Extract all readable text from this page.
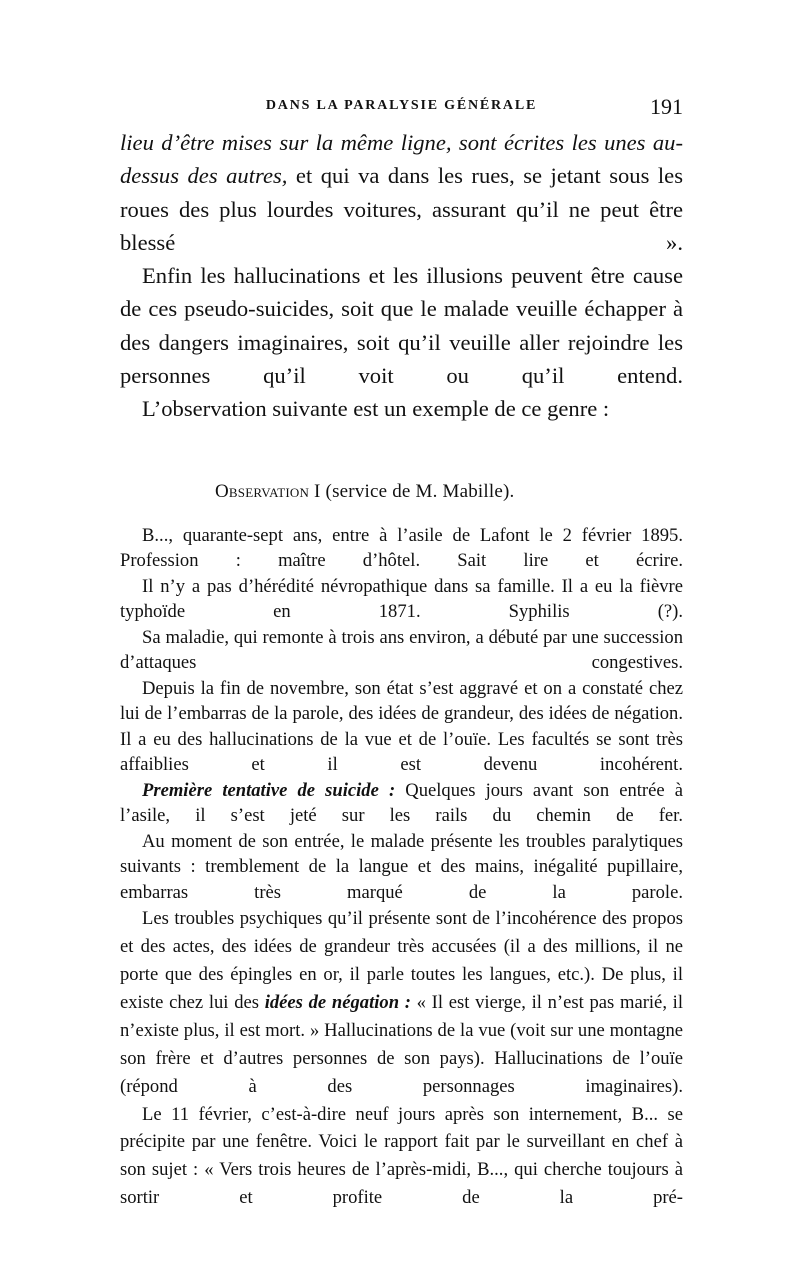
DANS LA PARALYSIE GÉNÉRALE	191

lieu d’être mises sur la même ligne, sont écrites les unes au-dessus des autres, et qui va dans les rues, se jetant sous les roues des plus lourdes voitures, assurant qu’il ne peut être blessé ».

Enfin les hallucinations et les illusions peuvent être cause de ces pseudo-suicides, soit que le malade veuille échapper à des dangers imaginaires, soit qu’il veuille aller rejoindre les personnes qu’il voit ou qu’il entend.

L’observation suivante est un exemple de ce genre :

Observation I (service de M. Mabille).

B..., quarante-sept ans, entre à l’asile de Lafont le 2 février 1895. Profession : maître d’hôtel. Sait lire et écrire.

Il n’y a pas d’hérédité névropathique dans sa famille. Il a eu la fièvre typhoïde en 1871. Syphilis (?).

Sa maladie, qui remonte à trois ans environ, a débuté par une succession d’attaques congestives.

Depuis la fin de novembre, son état s’est aggravé et on a constaté chez lui de l’embarras de la parole, des idées de grandeur, des idées de négation. Il a eu des hallucinations de la vue et de l’ouïe. Les facultés se sont très affaiblies et il est devenu incohérent.

Première tentative de suicide : Quelques jours avant son entrée à l’asile, il s’est jeté sur les rails du chemin de fer.

Au moment de son entrée, le malade présente les troubles paralytiques suivants : tremblement de la langue et des mains, inégalité pupillaire, embarras très marqué de la parole.

Les troubles psychiques qu’il présente sont de l’incohérence des propos et des actes, des idées de grandeur très accusées (il a des millions, il ne porte que des épingles en or, il parle toutes les langues, etc.). De plus, il existe chez lui des idées de négation : « Il est vierge, il n’est pas marié, il n’existe plus, il est mort. » Hallucinations de la vue (voit sur une montagne son frère et d’autres personnes de son pays). Hallucinations de l’ouïe (répond à des personnages imaginaires).

Le 11 février, c’est-à-dire neuf jours après son internement, B... se précipite par une fenêtre. Voici le rapport fait par le surveillant en chef à son sujet : « Vers trois heures de l’après-midi, B..., qui cherche toujours à sortir et profite de la pré-
